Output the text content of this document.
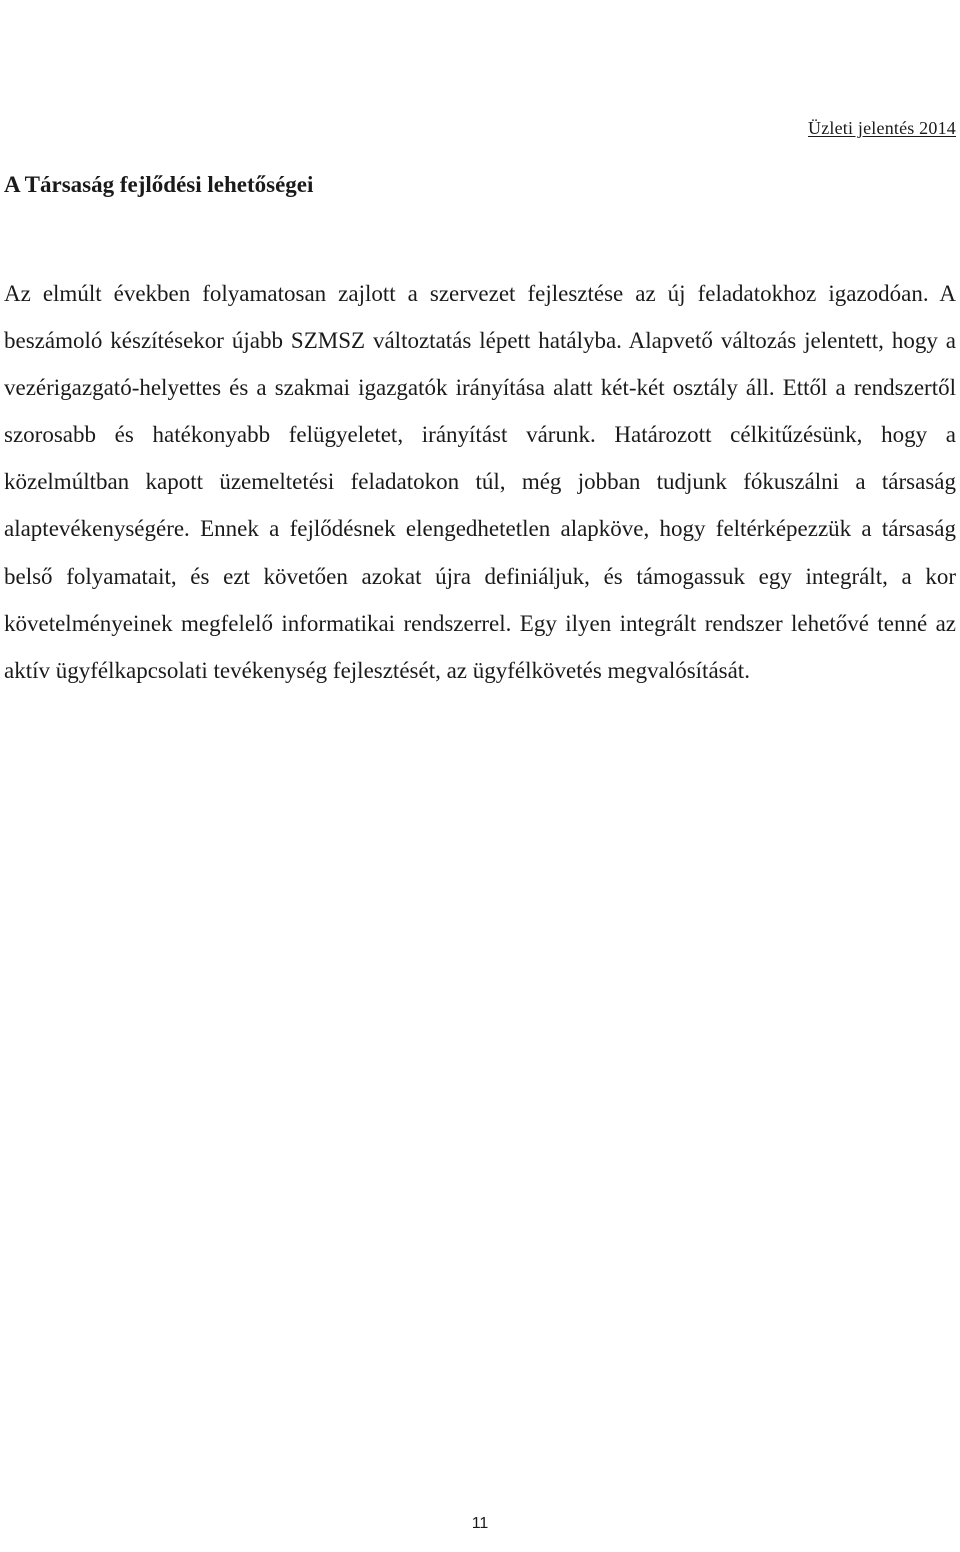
Üzleti jelentés 2014
A Társaság fejlődési lehetőségei

Az elmúlt években folyamatosan zajlott a szervezet fejlesztése az új feladatokhoz igazodóan. A beszámoló készítésekor újabb SZMSZ változtatás lépett hatályba. Alapvető változás jelentett, hogy a vezérigazgató-helyettes és a szakmai igazgatók irányítása alatt két-két osztály áll. Ettől a rendszertől szorosabb és hatékonyabb felügyeletet, irányítást várunk. Határozott célkitűzésünk, hogy a közelmúltban kapott üzemeltetési feladatokon túl, még jobban tudjunk fókuszálni a társaság alaptevékenységére. Ennek a fejlődésnek elengedhetetlen alapköve, hogy feltérképezzük a társaság belső folyamatait, és ezt követően azokat újra definiáljuk, és támogassuk egy integrált, a kor követelményeinek megfelelő informatikai rendszerrel. Egy ilyen integrált rendszer lehetővé tenné az aktív ügyfélkapcsolati tevékenység fejlesztését, az ügyfélkövetés megvalósítását.

11
